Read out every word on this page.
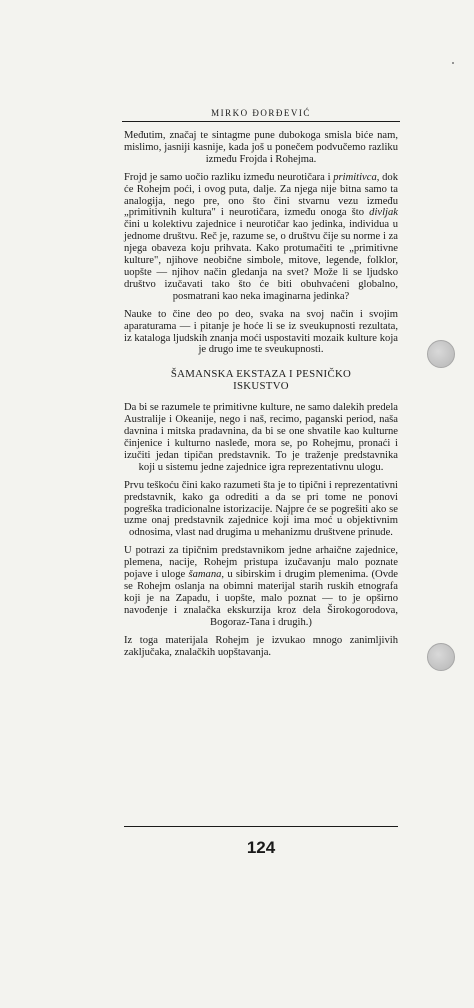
MIRKO ĐORĐEVIĆ

Međutim, značaj te sintagme pune dubokoga smisla biće nam, mislimo, jasniji kasnije, kada još u ponečem podvučemo razliku između Frojda i Rohejma.

Frojd je samo uočio razliku između neurotičara i primitivca, dok će Rohejm poći, i ovog puta, dalje. Za njega nije bitna samo ta analogija, nego pre, ono što čini stvarnu vezu između „primitivnih kultura" i neurotičara, između onoga što divljak čini u kolektivu zajednice i neurotičar kao jedinka, individua u jednome društvu. Reč je, razume se, o društvu čije su norme i za njega obaveza koju prihvata. Kako protumačiti te „primitivne kulture", njihove neobične simbole, mitove, legende, folklor, uopšte — njihov način gledanja na svet? Može li se ljudsko društvo izučavati tako što će biti obuhvaćeni globalno, posmatrani kao neka imaginarna jedinka?

Nauke to čine deo po deo, svaka na svoj način i svojim aparaturama — i pitanje je hoće li se iz sveukupnosti rezultata, iz kataloga ljudskih znanja moći uspostaviti mozaik kulture koja je drugo ime te sveukupnosti.

ŠAMANSKA EKSTAZA I PESNIČKO
ISKUSTVO

Da bi se razumele te primitivne kulture, ne samo dalekih predela Australije i Okeanije, nego i naš, recimo, paganski period, naša davnina i mitska pradavnina, da bi se one shvatile kao kulturne činjenice i kulturno nasleđe, mora se, po Rohejmu, pronaći i izučiti jedan tipičan predstavnik. To je traženje predstavnika koji u sistemu jedne zajednice igra reprezentativnu ulogu.

Prvu teškoću čini kako razumeti šta je to tipični i reprezentativni predstavnik, kako ga odrediti a da se pri tome ne ponovi pogreška tradicionalne istorizacije. Najpre će se pogrešiti ako se uzme onaj predstavnik zajednice koji ima moć u objektivnim odnosima, vlast nad drugima u mehanizmu društvene prinude.

U potrazi za tipičnim predstavnikom jedne arhaične zajednice, plemena, nacije, Rohejm pristupa izučavanju malo poznate pojave i uloge šamana, u sibirskim i drugim plemenima. (Ovde se Rohejm oslanja na obimni materijal starih ruskih etnografa koji je na Zapadu, i uopšte, malo poznat — to je opširno navođenje i znalačka ekskurzija kroz dela Širokogorodova, Bogoraz-Tana i drugih.)

Iz toga materijala Rohejm je izvukao mnogo zanimljivih zaključaka, znalačkih uopštavanja.

124
